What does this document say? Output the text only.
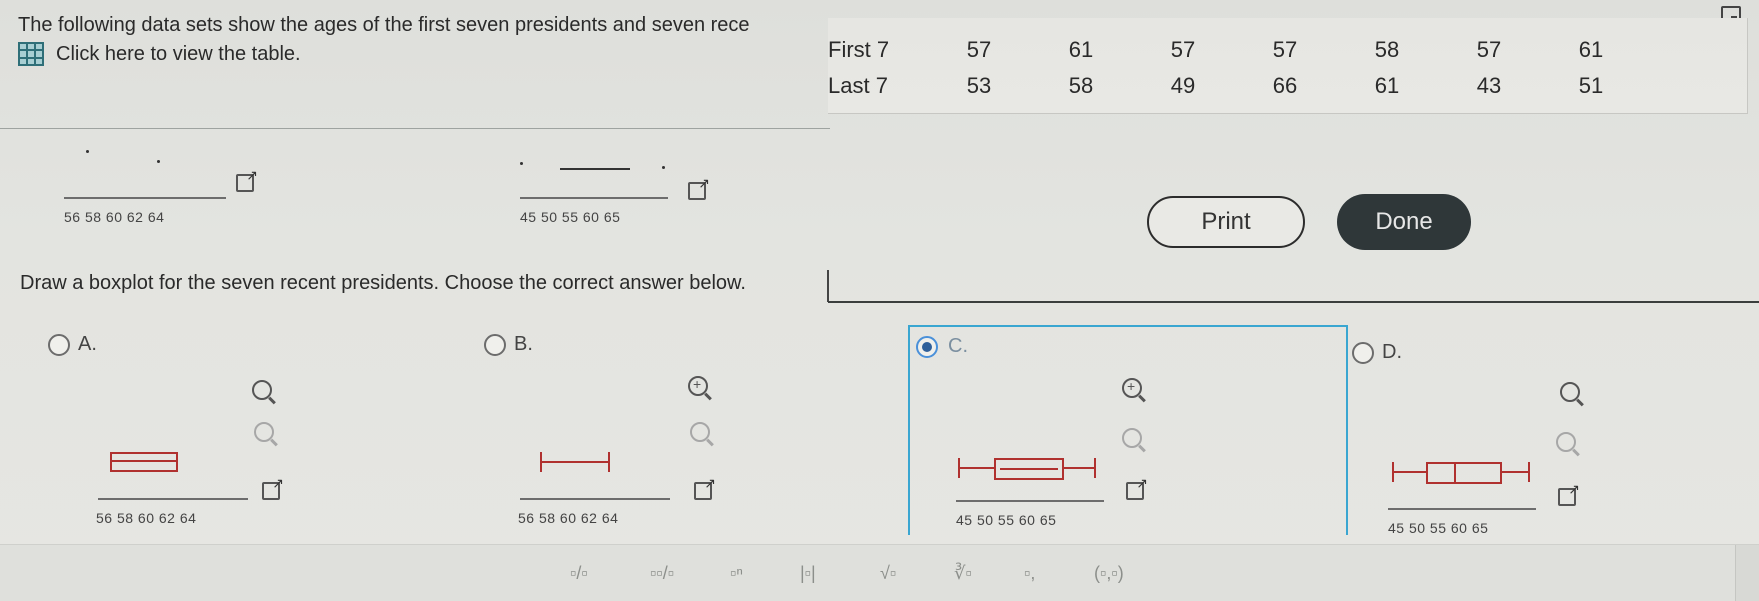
The following data sets show the ages of the first seven presidents and seven rece
Click here to view the table.	First 7	57	61	57	57	58	57	61
Last 7	53	58	49	66	61	43	51
56 58 60 62 64
↗	45 50 55 60 65
↗	Print	Done
Draw a boxplot for the seven recent presidents. Choose the correct answer below.
A.
↗
56 58 60 62 64
B.
+
↗
56 58 60 62 64
C.
+
↗
45 50 55 60 65
D.
↗
45 50 55 60 65
▫/▫	▫▫/▫	▫ⁿ	|▫|	√▫	∛▫	▫,	(▫,▫)
